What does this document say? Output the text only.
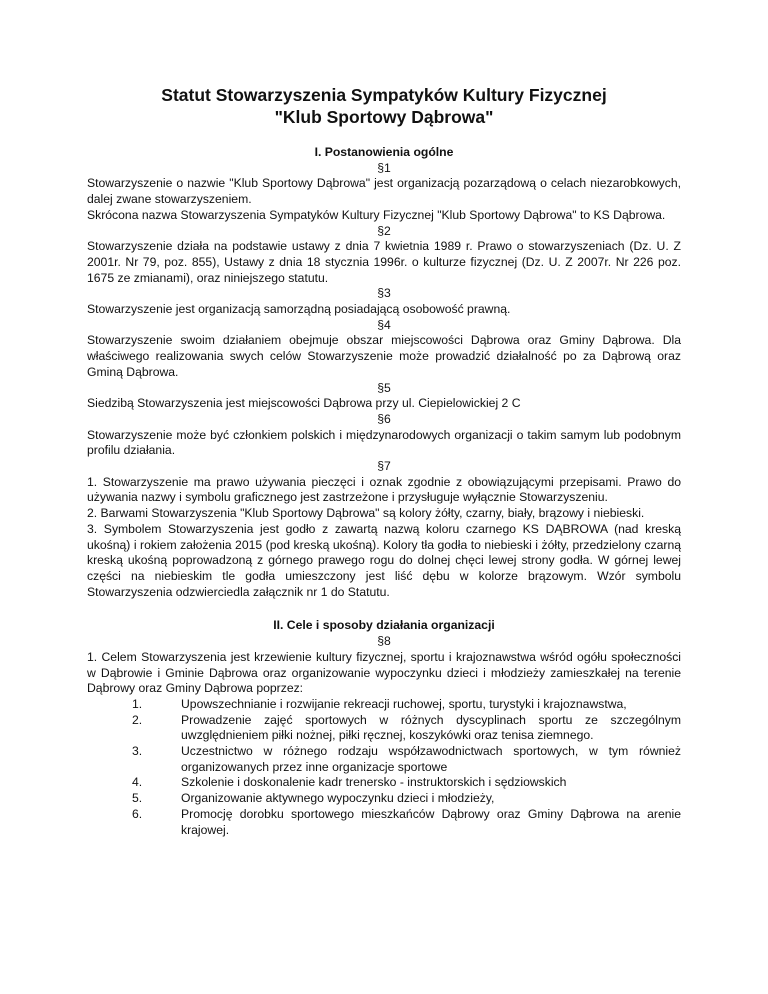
Statut Stowarzyszenia Sympatyków Kultury Fizycznej
"Klub Sportowy Dąbrowa"
I. Postanowienia ogólne
§1

Stowarzyszenie o nazwie "Klub Sportowy Dąbrowa" jest organizacją pozarządową o celach niezarobkowych, dalej zwane stowarzyszeniem.

Skrócona nazwa Stowarzyszenia Sympatyków Kultury Fizycznej "Klub Sportowy Dąbrowa" to KS Dąbrowa.

§2

Stowarzyszenie działa na podstawie ustawy z dnia 7 kwietnia 1989 r. Prawo o stowarzyszeniach (Dz. U. Z 2001r. Nr 79, poz. 855), Ustawy z dnia 18 stycznia 1996r. o kulturze fizycznej (Dz. U. Z 2007r. Nr 226 poz. 1675 ze zmianami), oraz niniejszego statutu.

§3

Stowarzyszenie jest organizacją samorządną posiadającą osobowość prawną.

§4

Stowarzyszenie swoim działaniem obejmuje obszar miejscowości Dąbrowa oraz Gminy Dąbrowa. Dla właściwego realizowania swych celów Stowarzyszenie może prowadzić działalność po za Dąbrową oraz Gminą Dąbrowa.

§5

Siedzibą Stowarzyszenia jest miejscowości Dąbrowa przy ul. Ciepielowickiej 2 C

§6

Stowarzyszenie może być członkiem polskich i międzynarodowych organizacji o takim samym lub podobnym profilu działania.

§7

1. Stowarzyszenie ma prawo używania pieczęci i oznak zgodnie z obowiązującymi przepisami. Prawo do używania nazwy i symbolu graficznego jest zastrzeżone i przysługuje wyłącznie Stowarzyszeniu.

2. Barwami Stowarzyszenia "Klub Sportowy Dąbrowa" są kolory żółty, czarny, biały, brązowy i niebieski.

3. Symbolem Stowarzyszenia jest godło z zawartą nazwą koloru czarnego KS DĄBROWA (nad kreską ukośną) i rokiem założenia 2015 (pod kreską ukośną). Kolory tła godła to niebieski i żółty, przedzielony czarną kreską ukośną poprowadzoną z górnego prawego rogu do dolnej chęci lewej strony godła. W górnej lewej części na niebieskim tle godła umieszczony jest liść dębu w kolorze brązowym. Wzór symbolu Stowarzyszenia odzwierciedla załącznik nr 1 do Statutu.

II. Cele i sposoby działania organizacji
§8

1. Celem Stowarzyszenia jest krzewienie kultury fizycznej, sportu i krajoznawstwa wśród ogółu społeczności w Dąbrowie i Gminie Dąbrowa oraz organizowanie wypoczynku dzieci i młodzieży zamieszkałej na terenie Dąbrowy oraz Gminy Dąbrowa poprzez:

1.	Upowszechnianie i rozwijanie rekreacji ruchowej, sportu, turystyki i krajoznawstwa,
2.	Prowadzenie zajęć sportowych w różnych dyscyplinach sportu ze szczególnym uwzględnieniem piłki nożnej, piłki ręcznej, koszykówki oraz tenisa ziemnego.
3.	Uczestnictwo w różnego rodzaju współzawodnictwach sportowych, w tym również organizowanych przez inne organizacje sportowe
4.	Szkolenie i doskonalenie kadr trenersko - instruktorskich i sędziowskich
5.	Organizowanie aktywnego wypoczynku dzieci i młodzieży,
6.	Promocję dorobku sportowego mieszkańców Dąbrowy oraz Gminy Dąbrowa na arenie krajowej.
